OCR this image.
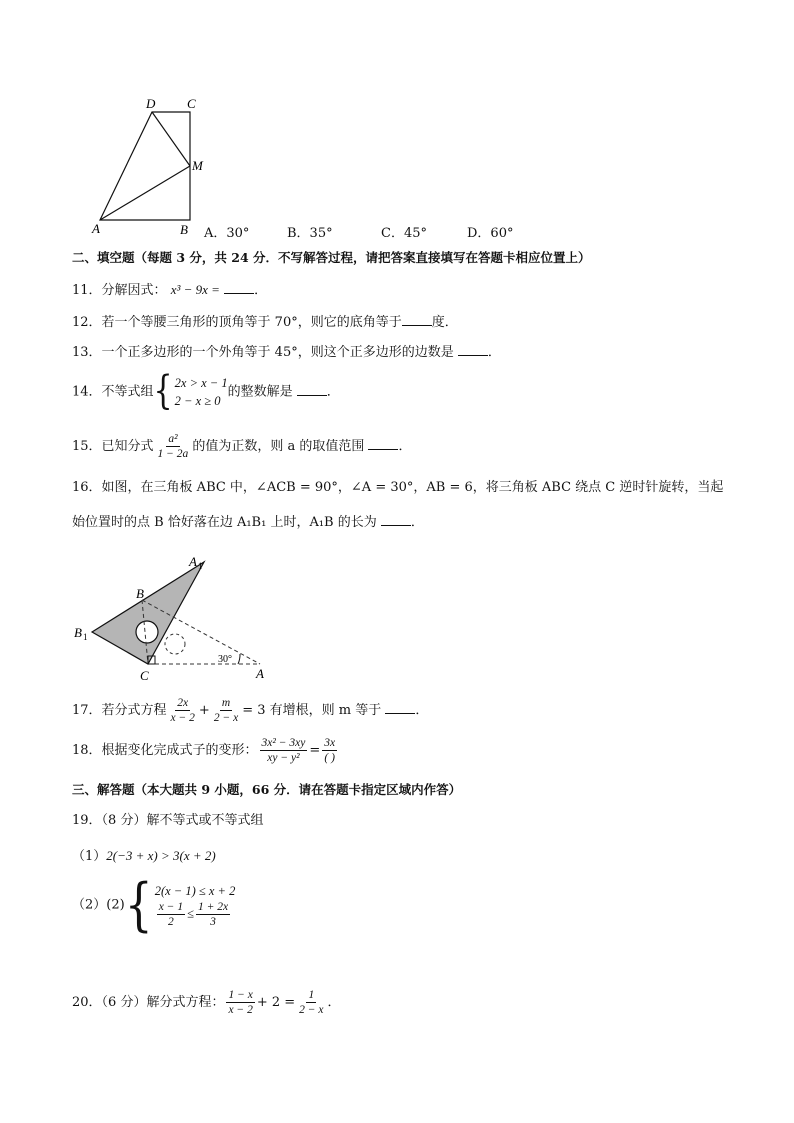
D C
M
A	B A．30°	B．35°	C．45°	D．60°
二、填空题（每题 3 分，共 24 分．不写解答过程，请把答案直接填写在答题卡相应位置上）
11．分解因式： x³ − 9x =	．
12．若一个等腰三角形的顶角等于 70°，则它的底角等于 度．
13．一个正多边形的一个外角等于 45°，则这个正多边形的边数是	．
14．不等式组{ 2x > x − 1
2 − x ≥ 0
的整数解是	．
15．已知分式 $\frac{\text{a²}}{1 - 2a}$ 的值为正数，则 a 的取值范围	．
16．如图，在三角板 ABC 中，∠ACB = 90°，∠A = 30°，AB = 6，将三角板 ABC 绕点 C 逆时针旋转，当起
始位置时的点 B 恰好落在边 A₁B₁ 上时，A₁B 的长为	．
A 1
B
B 1
C	A
30°
17．若分式方程 $\frac{2x}{x - 2} + \frac{m}{2 - x} = 3$ 有增根，则 m 等于	．
18．根据变化完成式子的变形： $\frac{\text{3x² − 3xy}}{\text{xy − y²}} = \frac{3x}{( )}$
三、解答题（本大题共 9 小题，66 分．请在答题卡指定区域内作答）
19．（8 分）解不等式或不等式组
（1）2(−3 + x) > 3(x + 2)
（2）(2){ 2(x − 1) ≤ x + 2
$\frac{x - 1}{2} \le \frac{1 + 2x}{3}$
20．（6 分）解分式方程： $\frac{1 - x}{x - 2} + 2 = \frac{1}{2 - x}$ ．
